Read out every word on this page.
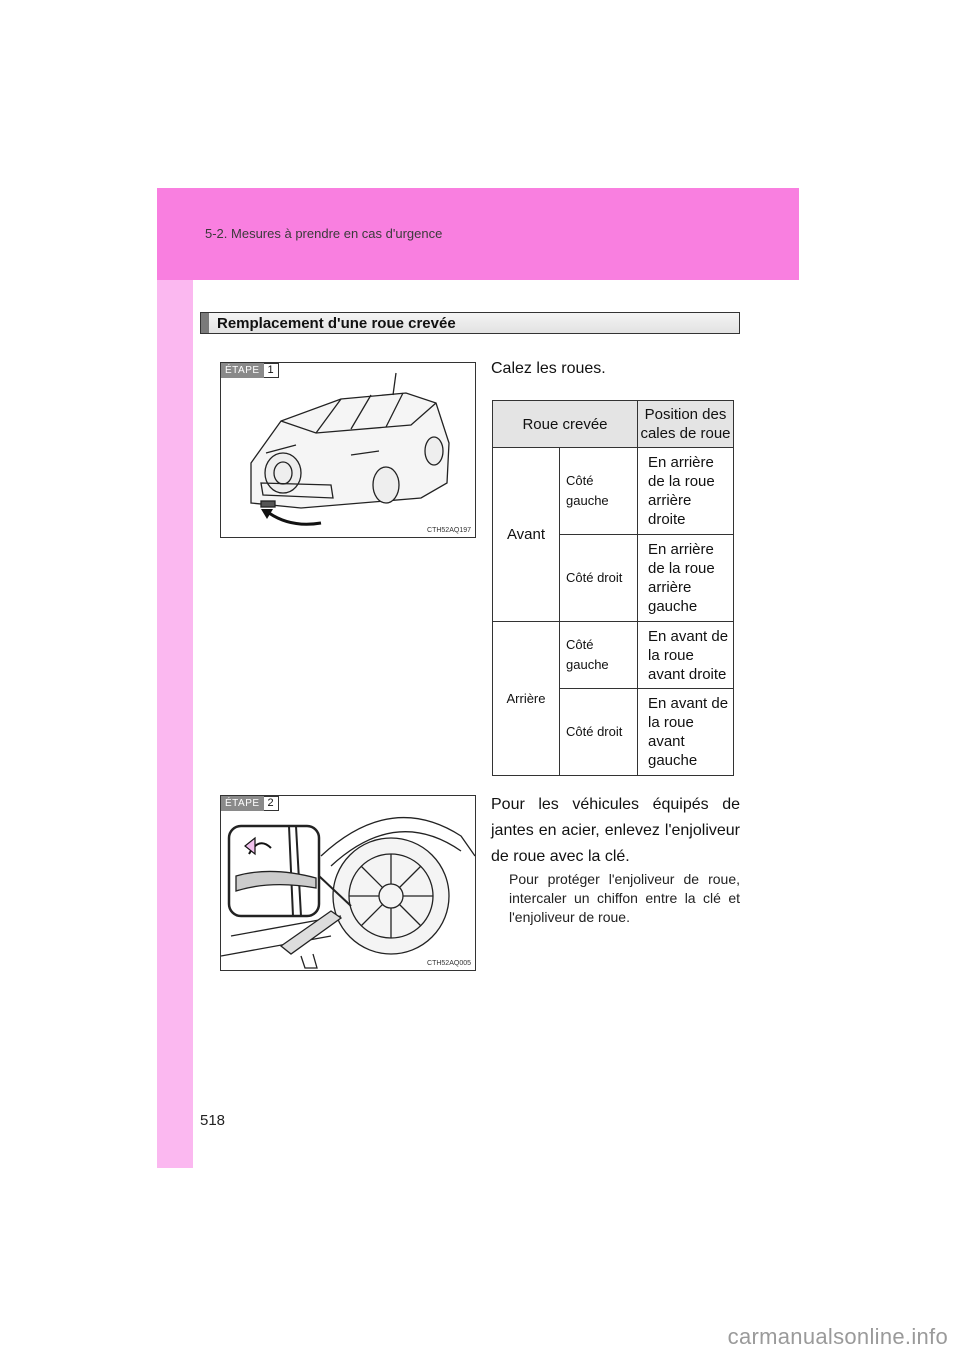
5-2. Mesures à prendre en cas d'urgence
Remplacement d'une roue crevée
ÉTAPE 1
CTH52AQ197
Calez les roues.
Roue crevée		Position des cales de roue
Avant	Côté gauche	En arrière de la roue arrière droite
	Côté droit	En arrière de la roue arrière gauche
Arrière	Côté gauche	En avant de la roue avant droite
	Côté droit	En avant de la roue avant gauche
ÉTAPE 2
CTH52AQ005
Pour les véhicules équipés de jantes en acier, enlevez l'enjoliveur de roue avec la clé.
Pour protéger l'enjoliveur de roue, intercaler un chiffon entre la clé et l'enjoliveur de roue.
518
carmanualsonline.info
